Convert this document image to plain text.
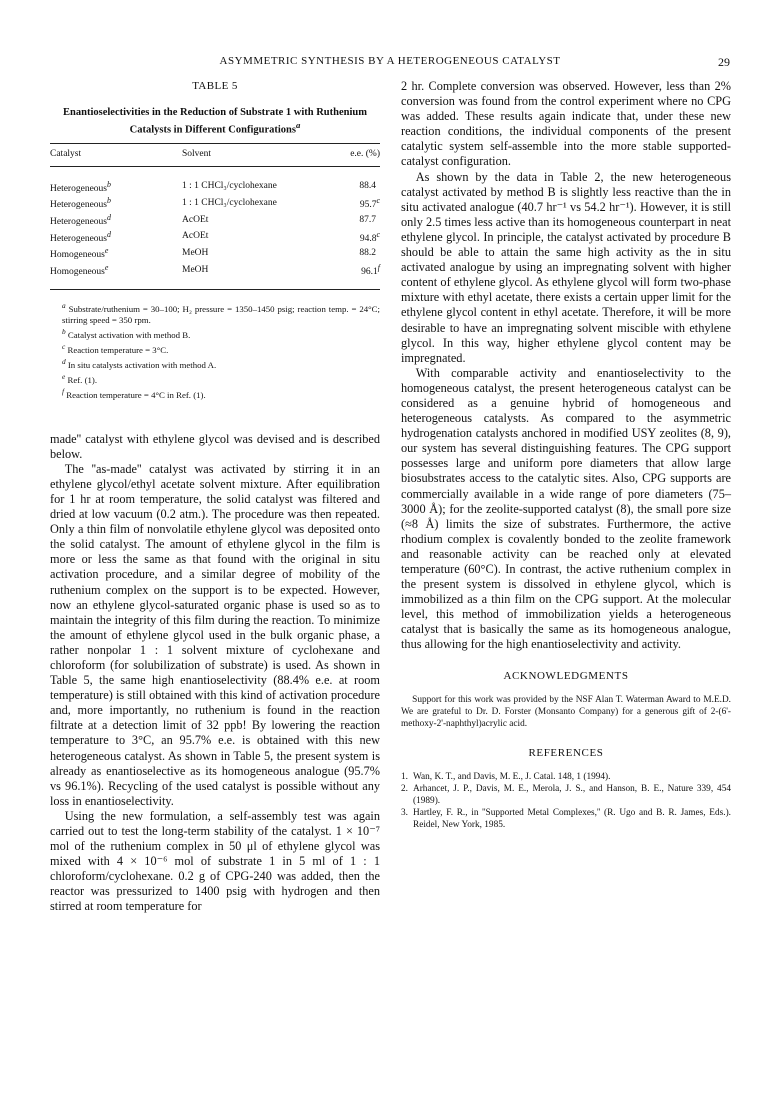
ASYMMETRIC SYNTHESIS BY A HETEROGENEOUS CATALYST	29
TABLE 5
Enantioselectivities in the Reduction of Substrate 1 with Ruthenium Catalysts in Different Configurations$^a$
Catalyst	Solvent	e.e. (%)
Heterogeneous$^b$	1 : 1 CHCl₃/cyclohexane	88.4
Heterogeneous$^b$	1 : 1 CHCl₃/cyclohexane	95.7$^c$
Heterogeneous$^d$	AcOEt	87.7
Heterogeneous$^d$	AcOEt	94.8$^c$
Homogeneous$^e$	MeOH	88.2
Homogeneous$^e$	MeOH	96.1$^f$
$^a$ Substrate/ruthenium = 30–100; H₂ pressure = 1350–1450 psig; reaction temp. = 24°C; stirring speed = 350 rpm.
$^b$ Catalyst activation with method B.
$^c$ Reaction temperature = 3°C.
$^d$ In situ catalysts activation with method A.
$^e$ Ref. (1).
$^f$ Reaction temperature = 4°C in Ref. (1).

made'' catalyst with ethylene glycol was devised and is described below.

The ''as-made'' catalyst was activated by stirring it in an ethylene glycol/ethyl acetate solvent mixture. After equilibration for 1 hr at room temperature, the solid catalyst was filtered and dried at low vacuum (0.2 atm.). The procedure was then repeated. Only a thin film of nonvolatile ethylene glycol was deposited onto the solid catalyst. The amount of ethylene glycol in the film is more or less the same as that found with the original in situ activation procedure, and a similar degree of mobility of the ruthenium complex on the support is to be expected. However, now an ethylene glycol-saturated organic phase is used so as to maintain the integrity of this film during the reaction. To minimize the amount of ethylene glycol used in the bulk organic phase, a rather nonpolar 1 : 1 solvent mixture of cyclohexane and chloroform (for solubilization of substrate) is used. As shown in Table 5, the same high enantioselectivity (88.4% e.e. at room temperature) is still obtained with this kind of activation procedure and, more importantly, no ruthenium is found in the reaction filtrate at a detection limit of 32 ppb! By lowering the reaction temperature to 3°C, an 95.7% e.e. is obtained with this new heterogeneous catalyst. As shown in Table 5, the present system is already as enantioselective as its homogeneous analogue (95.7% vs 96.1%). Recycling of the used catalyst is possible without any loss in enantioselectivity.

Using the new formulation, a self-assembly test was again carried out to test the long-term stability of the catalyst. 1 × 10⁻⁷ mol of the ruthenium complex in 50 μl of ethylene glycol was mixed with 4 × 10⁻⁶ mol of substrate 1 in 5 ml of 1 : 1 chloroform/cyclohexane. 0.2 g of CPG-240 was added, then the reactor was pressurized to 1400 psig with hydrogen and then stirred at room temperature for

2 hr. Complete conversion was observed. However, less than 2% conversion was found from the control experiment where no CPG was added. These results again indicate that, under these new reaction conditions, the individual components of the present catalytic system self-assemble into the more stable supported-catalyst configuration.

As shown by the data in Table 2, the new heterogeneous catalyst activated by method B is slightly less reactive than the in situ activated analogue (40.7 hr⁻¹ vs 54.2 hr⁻¹). However, it is still only 2.5 times less active than its homogeneous counterpart in neat ethylene glycol. In principle, the catalyst activated by procedure B should be able to attain the same high activity as the in situ activated analogue by using an impregnating solvent with higher content of ethylene glycol. As ethylene glycol will form two-phase mixture with ethyl acetate, there exists a certain upper limit for the ethylene glycol content in ethyl acetate. Therefore, it will be more desirable to have an impregnating solvent miscible with ethylene glycol. In this way, higher ethylene glycol content may be impregnated.

With comparable activity and enantioselectivity to the homogeneous catalyst, the present heterogeneous catalyst can be considered as a genuine hybrid of homogeneous and heterogeneous catalysts. As compared to the asymmetric hydrogenation catalysts anchored in modified USY zeolites (8, 9), our system has several distinguishing features. The CPG support possesses large and uniform pore diameters that allow large biosubstrates access to the catalytic sites. Also, CPG supports are commercially available in a wide range of pore diameters (75–3000 Å); for the zeolite-supported catalyst (8), the small pore size (≈8 Å) limits the size of substrates. Furthermore, the active rhodium complex is covalently bonded to the zeolite framework and reasonable activity can be reached only at elevated temperature (60°C). In contrast, the active ruthenium complex in the present system is dissolved in ethylene glycol, which is immobilized as a thin film on the CPG support. At the molecular level, this method of immobilization yields a heterogeneous catalyst that is basically the same as its homogeneous analogue, thus allowing for the high enantioselectivity and activity.

ACKNOWLEDGMENTS
Support for this work was provided by the NSF Alan T. Waterman Award to M.E.D. We are grateful to Dr. D. Forster (Monsanto Company) for a generous gift of 2-(6'-methoxy-2'-naphthyl)acrylic acid.
REFERENCES
1. Wan, K. T., and Davis, M. E., J. Catal. 148, 1 (1994).
2. Arhancet, J. P., Davis, M. E., Merola, J. S., and Hanson, B. E., Nature 339, 454 (1989).
3. Hartley, F. R., in ''Supported Metal Complexes,'' (R. Ugo and B. R. James, Eds.). Reidel, New York, 1985.
